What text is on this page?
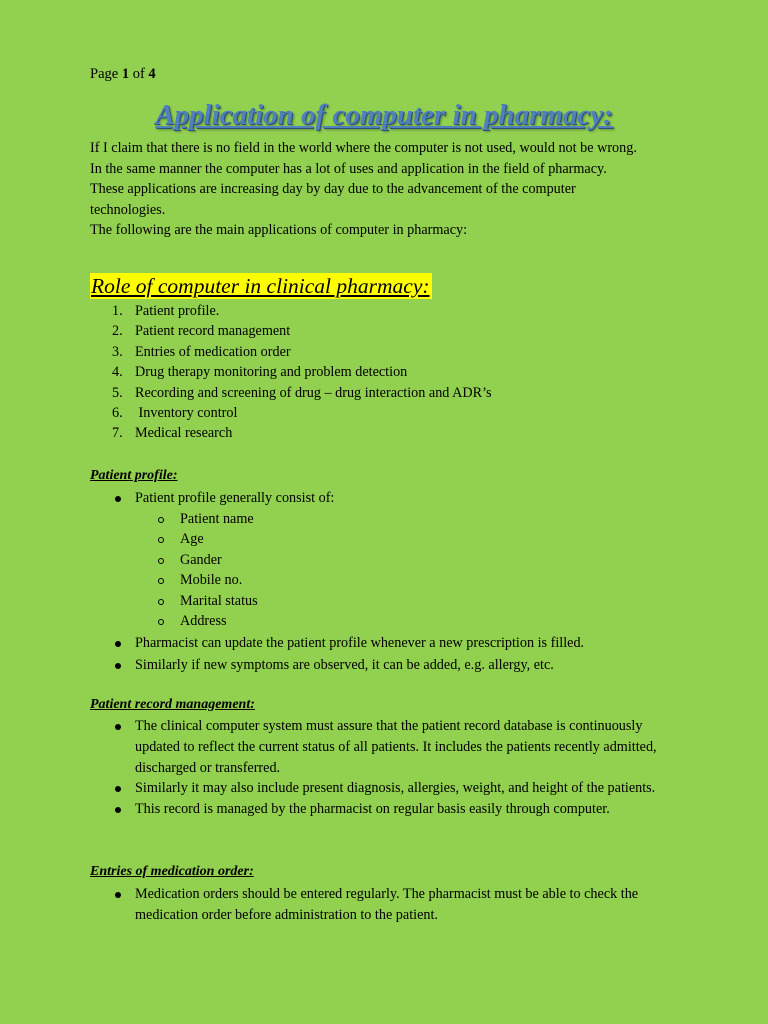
Page 1 of 4
Application of computer in pharmacy:

If I claim that there is no field in the world where the computer is not used, would not be wrong.

In the same manner the computer has a lot of uses and application in the field of pharmacy.

These applications are increasing day by day due to the advancement of the computer

technologies.

The following are the main applications of computer in pharmacy:

Role of computer in clinical pharmacy:
1. Patient profile.
2. Patient record management
3. Entries of medication order
4. Drug therapy monitoring and problem detection
5. Recording and screening of drug – drug interaction and ADR’s
6. Inventory control
7. Medical research
Patient profile:
Patient profile generally consist of:
Patient name
Age
Gander
Mobile no.
Marital status
Address
Pharmacist can update the patient profile whenever a new prescription is filled.
Similarly if new symptoms are observed, it can be added, e.g. allergy, etc.
Patient record management:
The clinical computer system must assure that the patient record database is continuously updated to reflect the current status of all patients. It includes the patients recently admitted, discharged or transferred.
Similarly it may also include present diagnosis, allergies, weight, and height of the patients.
This record is managed by the pharmacist on regular basis easily through computer.
Entries of medication order:
Medication orders should be entered regularly. The pharmacist must be able to check the medication order before administration to the patient.
